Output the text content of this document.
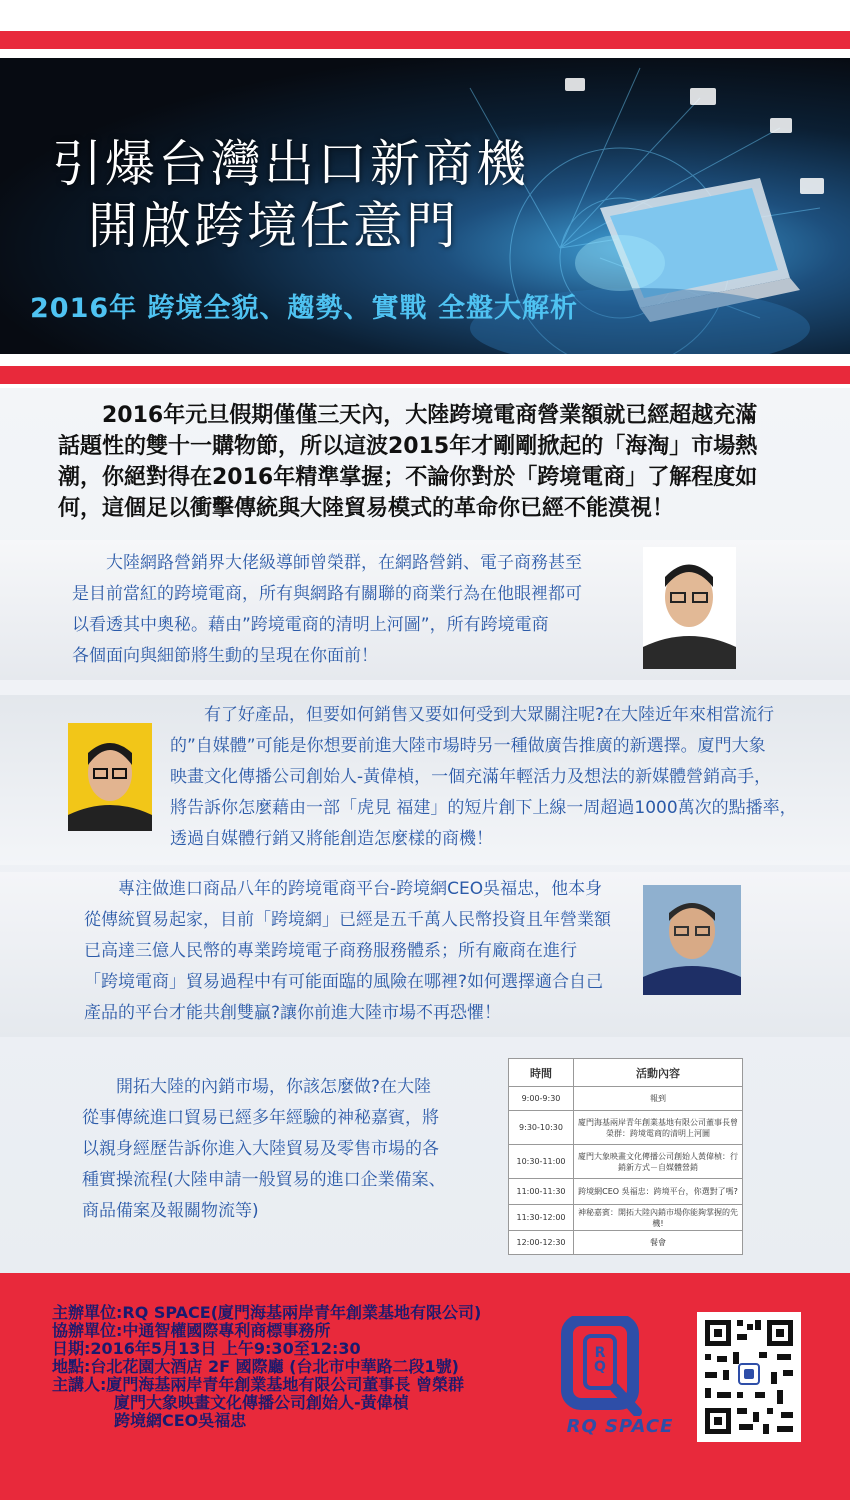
引爆台灣出口新商機
開啟跨境任意門
2016年 跨境全貌、趨勢、實戰 全盤大解析

　　2016年元旦假期僅僅三天內，大陸跨境電商營業額就已經超越充滿

話題性的雙十一購物節，所以這波2015年才剛剛掀起的「海淘」市場熱

潮，你絕對得在2016年精準掌握；不論你對於「跨境電商」了解程度如

何，這個足以衝擊傳統與大陸貿易模式的革命你已經不能漠視！

　　大陸網路營銷界大佬級導師曾榮群，在網路營銷、電子商務甚至

是目前當紅的跨境電商，所有與網路有關聯的商業行為在他眼裡都可

以看透其中奧秘。藉由”跨境電商的清明上河圖”，所有跨境電商

各個面向與細節將生動的呈現在你面前！

　　有了好產品，但要如何銷售又要如何受到大眾關注呢?在大陸近年來相當流行

的”自媒體”可能是你想要前進大陸市場時另一種做廣告推廣的新選擇。廈門大象

映畫文化傳播公司創始人-黃偉楨，一個充滿年輕活力及想法的新媒體營銷高手，

將告訴你怎麼藉由一部「虎見 福建」的短片創下上線一周超過1000萬次的點播率，

透過自媒體行銷又將能創造怎麼樣的商機！

　　專注做進口商品八年的跨境電商平台-跨境網CEO吳福忠，他本身

從傳統貿易起家，目前「跨境網」已經是五千萬人民幣投資且年營業額

已高達三億人民幣的專業跨境電子商務服務體系；所有廠商在進行

「跨境電商」貿易過程中有可能面臨的風險在哪裡?如何選擇適合自己

產品的平台才能共創雙贏?讓你前進大陸市場不再恐懼！

　　開拓大陸的內銷市場，你該怎麼做?在大陸

從事傳統進口貿易已經多年經驗的神秘嘉賓，將

以親身經歷告訴你進入大陸貿易及零售市場的各

種實操流程(大陸申請一般貿易的進口企業備案、

商品備案及報關物流等)

時間	活動內容
9:00-9:30	報到
9:30-10:30	廈門海基兩岸青年創業基地有限公司董事長曾榮群：跨境電商的清明上河圖
10:30-11:00	廈門大象映畫文化傳播公司創始人黃偉楨：行銷新方式－自媒體營銷
11:00-11:30	跨境網CEO 吳福忠：跨境平台，你選對了嗎?
11:30-12:00	神秘嘉賓：開拓大陸內銷市場你能夠掌握的先機!
12:00-12:30	餐會
主辦單位:RQ SPACE(廈門海基兩岸青年創業基地有限公司)
協辦單位:中通智權國際專利商標事務所
日期:2016年5月13日 上午9:30至12:30
地點:台北花園大酒店 2F 國際廳 (台北市中華路二段1號)
主講人:廈門海基兩岸青年創業基地有限公司董事長 曾榮群
廈門大象映畫文化傳播公司創始人-黃偉楨
跨境網CEO吳福忠
RQ
RQ SPACE
